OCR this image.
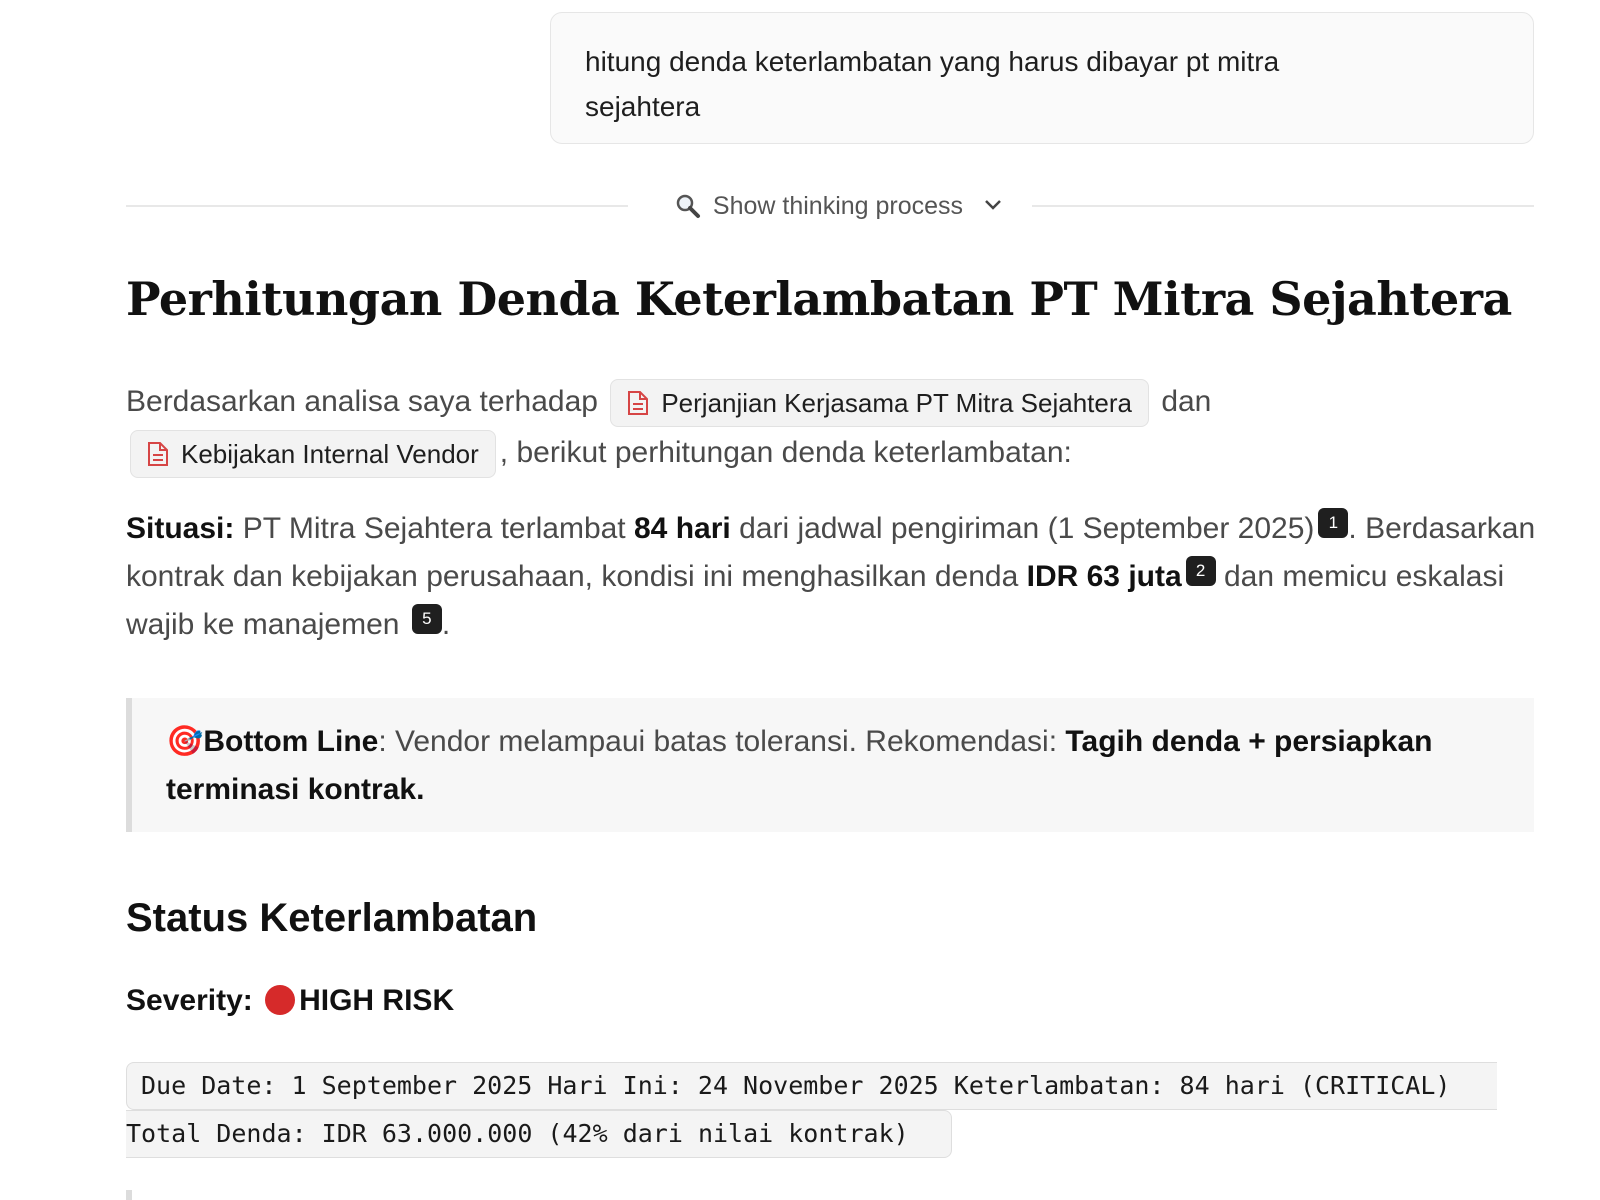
hitung denda keterlambatan yang harus dibayar pt mitra
sejahtera
Show thinking process
Perhitungan Denda Keterlambatan PT Mitra Sejahtera

Berdasarkan analisa saya terhadap Perjanjian Kerjasama PT Mitra Sejahtera dan

Kebijakan Internal Vendor , berikut perhitungan denda keterlambatan:

Situasi: PT Mitra Sejahtera terlambat 84 hari dari jadwal pengiriman (1 September 2025) 1 . Berdasarkan kontrak dan kebijakan perusahaan, kondisi ini menghasilkan denda IDR 63 juta 2 dan memicu eskalasi wajib ke manajemen 5 .

🎯Bottom Line: Vendor melampaui batas toleransi. Rekomendasi: Tagih denda + persiapkan terminasi kontrak.
Status Keterlambatan

Severity: HIGH RISK

Due Date: 1 September 2025 Hari Ini: 24 November 2025 Keterlambatan: 84 hari (CRITICAL)
Total Denda: IDR 63.000.000 (42% dari nilai kontrak)
